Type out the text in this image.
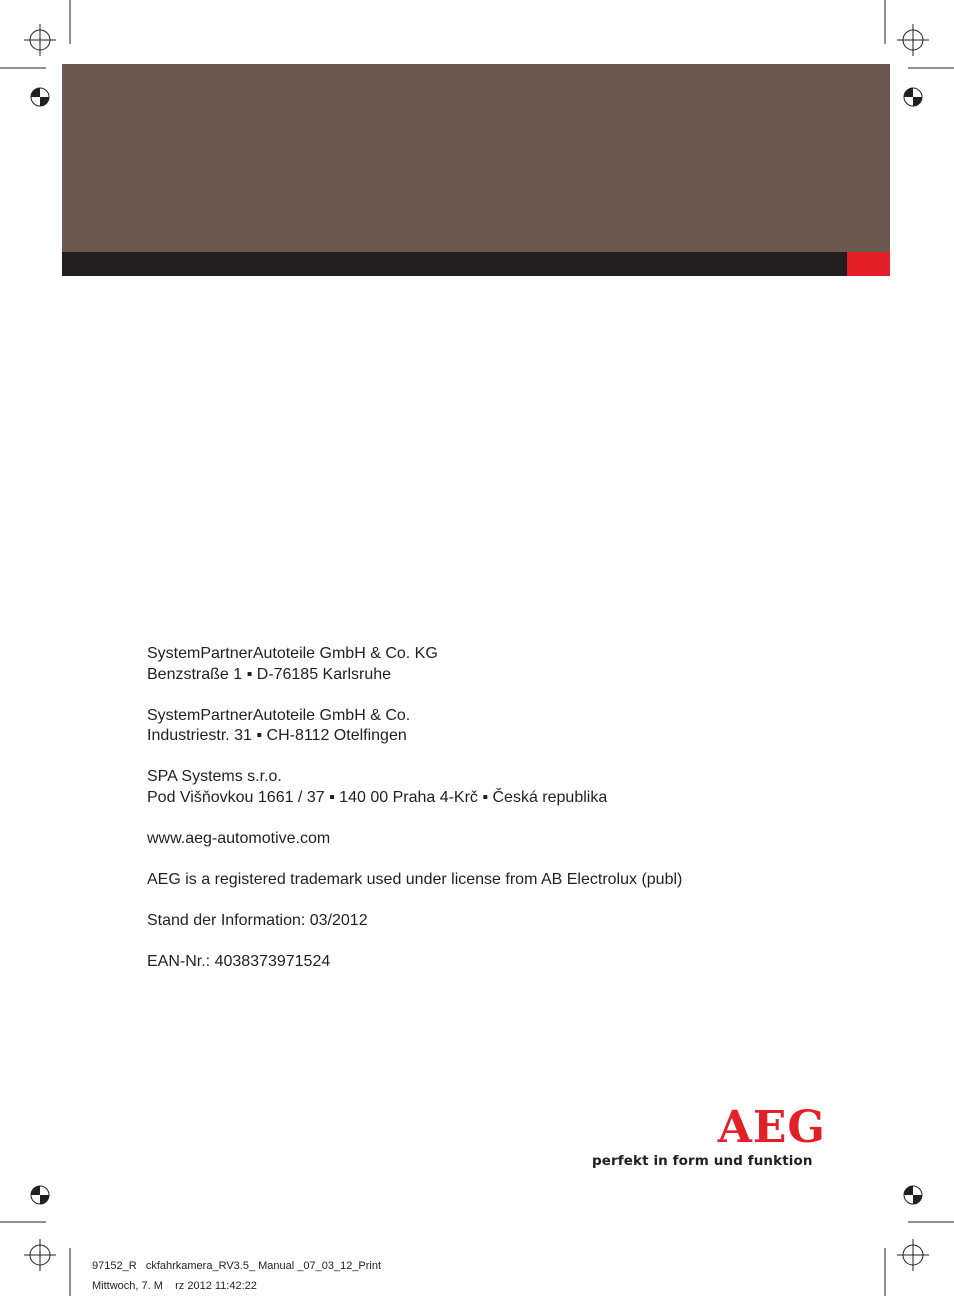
SystemPartnerAutoteile GmbH & Co. KG

Benzstraße 1 ▪ D-76185 Karlsruhe

SystemPartnerAutoteile GmbH & Co.

Industriestr. 31 ▪ CH-8112 Otelfingen

SPA Systems s.r.o.

Pod Višňovkou 1661 / 37 ▪ 140 00 Praha 4-Krč ▪ Česká republika

www.aeg-automotive.com

AEG is a registered trademark used under license from AB Electrolux (publ)

Stand der Information: 03/2012

EAN-Nr.: 4038373971524

AEG
perfekt in form und funktion

97152_R   ckfahrkamera_RV3.5_ Manual _07_03_12_Print

Mittwoch, 7. M    rz 2012 11:42:22
